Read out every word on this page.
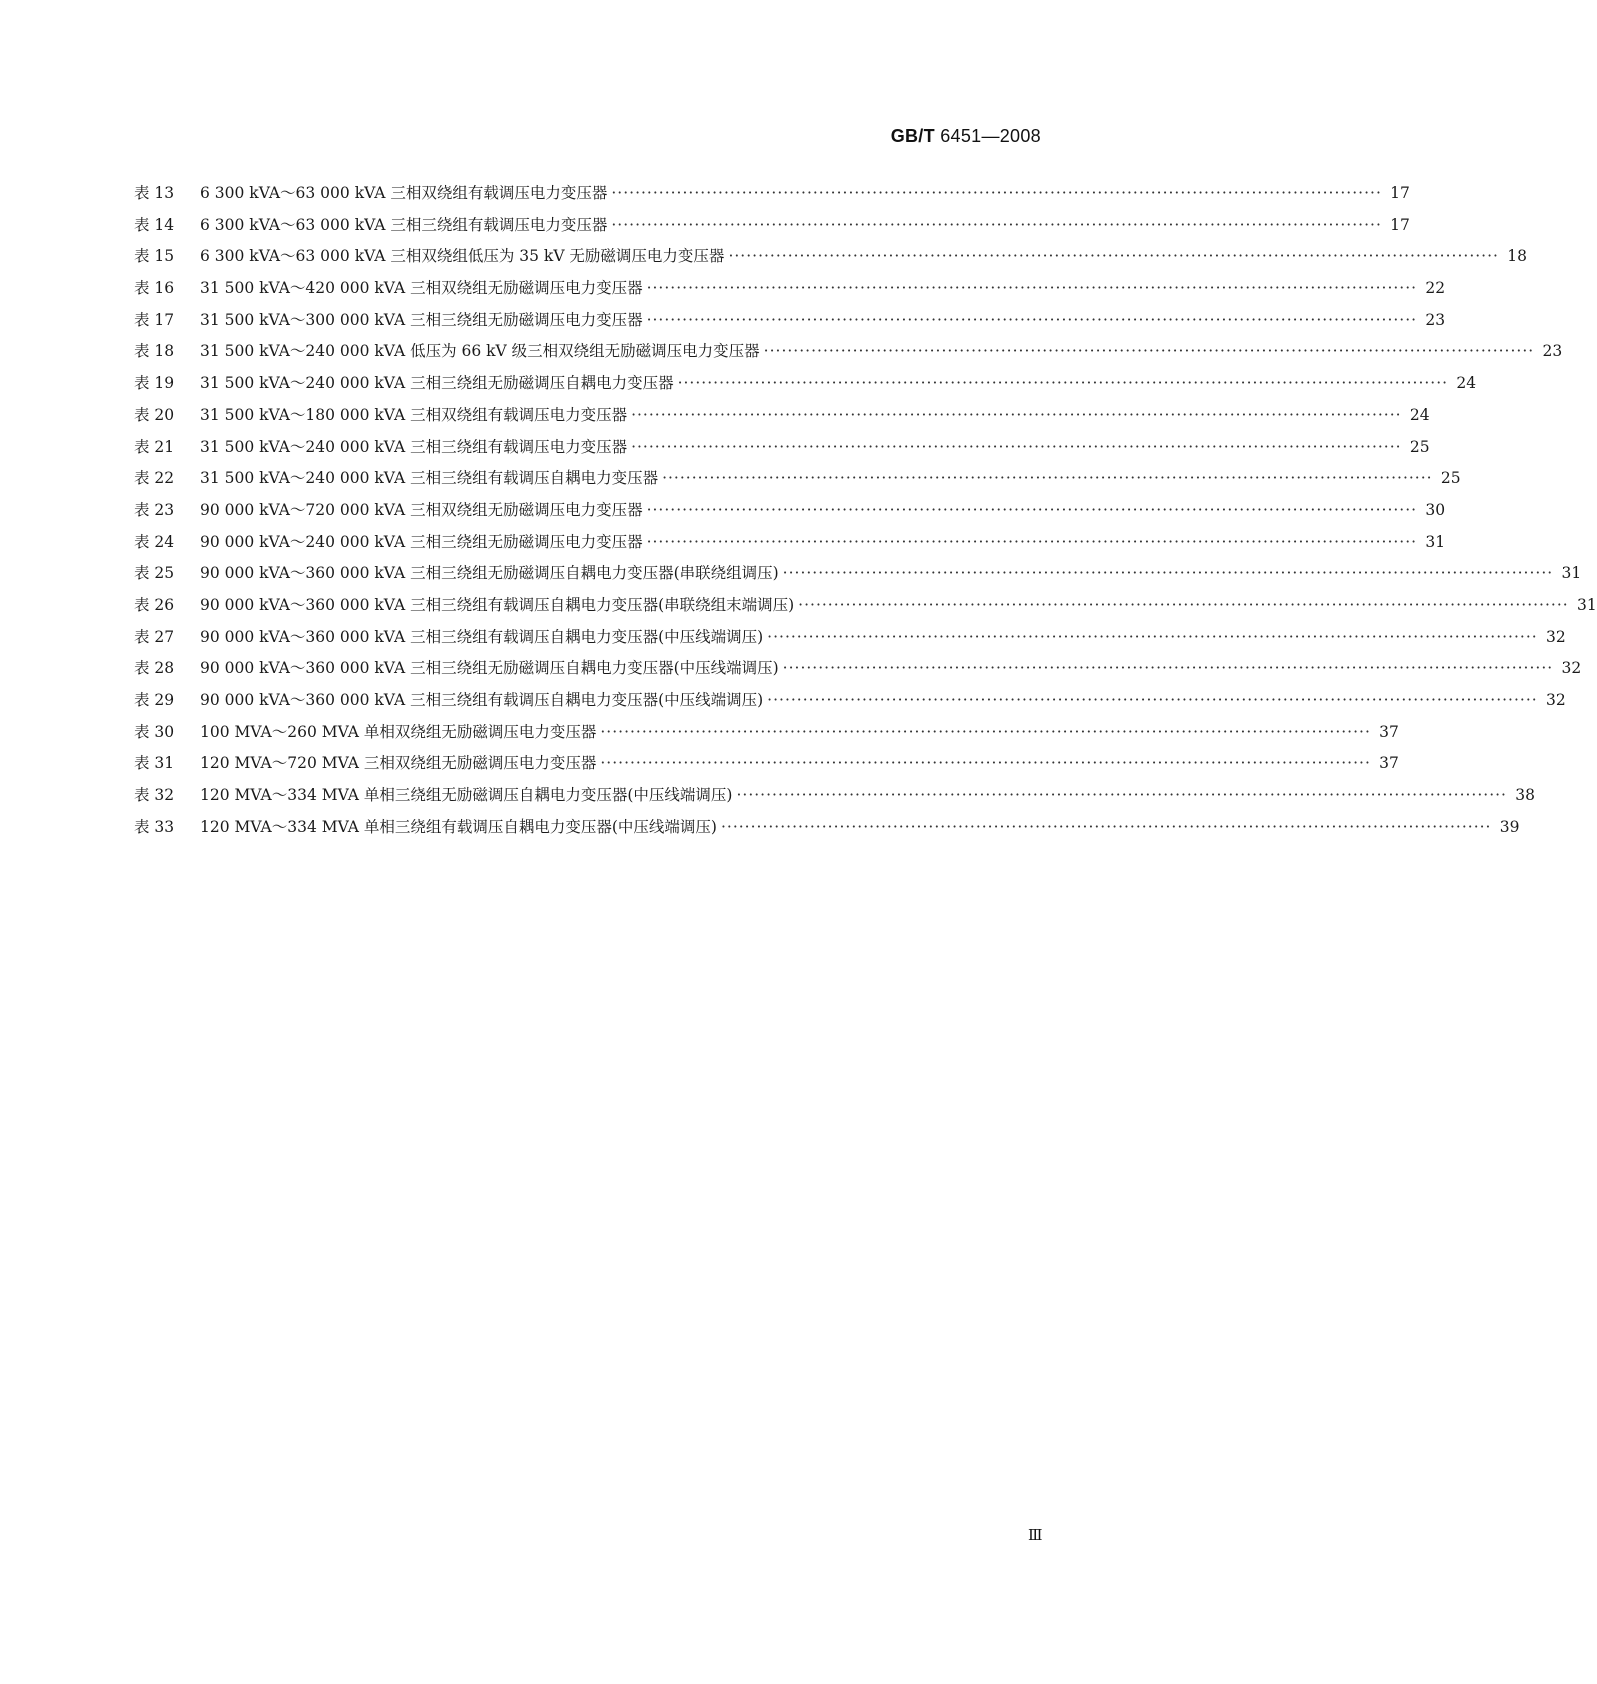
GB/T 6451—2008
表 13	6 300 kVA～63 000 kVA 三相双绕组有载调压电力变压器 ·····	17
表 14	6 300 kVA～63 000 kVA 三相三绕组有载调压电力变压器 ·····	17
表 15	6 300 kVA～63 000 kVA 三相双绕组低压为 35 kV 无励磁调压电力变压器 ·····	18
表 16	31 500 kVA～420 000 kVA 三相双绕组无励磁调压电力变压器 ·····	22
表 17	31 500 kVA～300 000 kVA 三相三绕组无励磁调压电力变压器 ·····	23
表 18	31 500 kVA～240 000 kVA 低压为 66 kV 级三相双绕组无励磁调压电力变压器 ·····	23
表 19	31 500 kVA～240 000 kVA 三相三绕组无励磁调压自耦电力变压器 ·····	24
表 20	31 500 kVA～180 000 kVA 三相双绕组有载调压电力变压器 ·····	24
表 21	31 500 kVA～240 000 kVA 三相三绕组有载调压电力变压器 ·····	25
表 22	31 500 kVA～240 000 kVA 三相三绕组有载调压自耦电力变压器 ·····	25
表 23	90 000 kVA～720 000 kVA 三相双绕组无励磁调压电力变压器 ·····	30
表 24	90 000 kVA～240 000 kVA 三相三绕组无励磁调压电力变压器 ·····	31
表 25	90 000 kVA～360 000 kVA 三相三绕组无励磁调压自耦电力变压器(串联绕组调压) ·····	31
表 26	90 000 kVA～360 000 kVA 三相三绕组有载调压自耦电力变压器(串联绕组末端调压) ·····	31
表 27	90 000 kVA～360 000 kVA 三相三绕组有载调压自耦电力变压器(中压线端调压) ·····	32
表 28	90 000 kVA～360 000 kVA 三相三绕组无励磁调压自耦电力变压器(中压线端调压) ·····	32
表 29	90 000 kVA～360 000 kVA 三相三绕组有载调压自耦电力变压器(中压线端调压) ·····	32
表 30	100 MVA～260 MVA 单相双绕组无励磁调压电力变压器 ·····	37
表 31	120 MVA～720 MVA 三相双绕组无励磁调压电力变压器 ·····	37
表 32	120 MVA～334 MVA 单相三绕组无励磁调压自耦电力变压器(中压线端调压) ·····	38
表 33	120 MVA～334 MVA 单相三绕组有载调压自耦电力变压器(中压线端调压) ·····	39
Ⅲ
